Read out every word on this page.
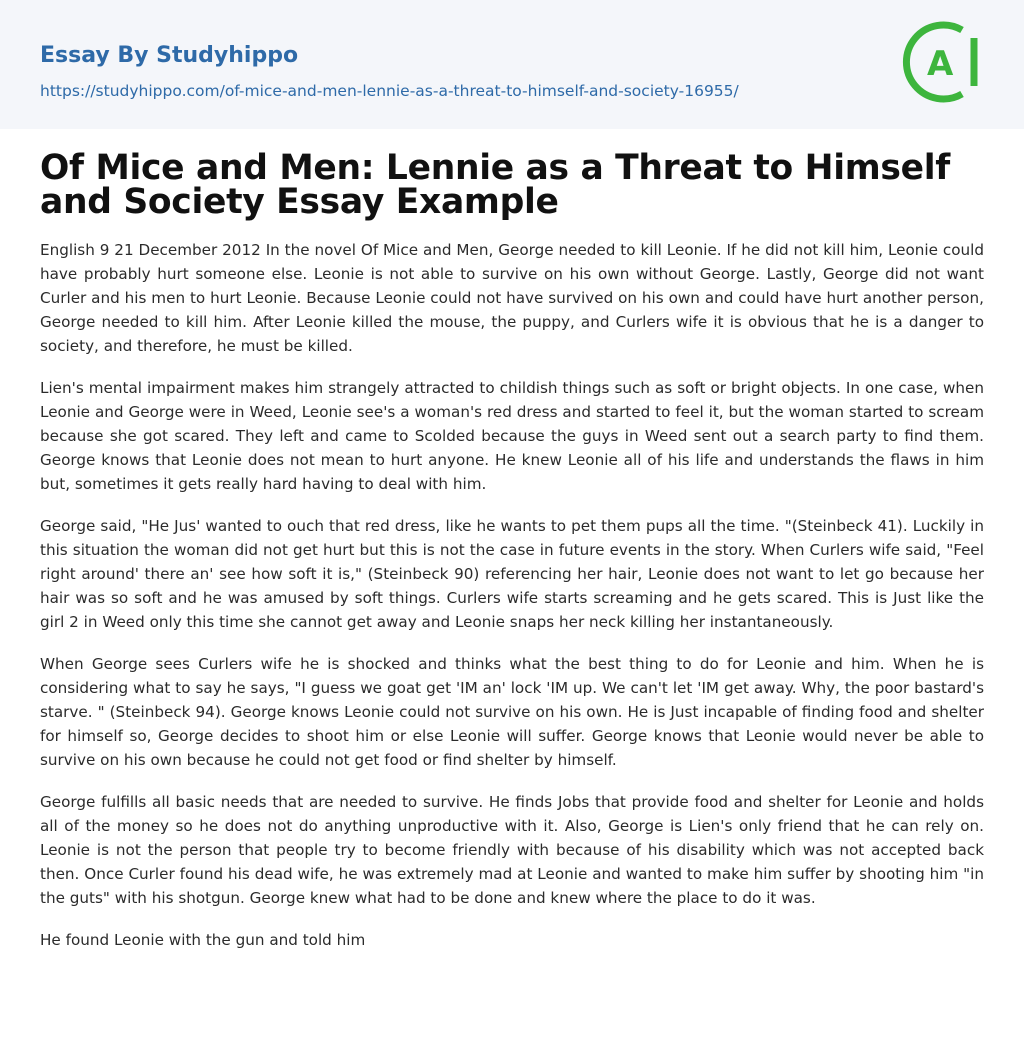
Essay By Studyhippo
https://studyhippo.com/of-mice-and-men-lennie-as-a-threat-to-himself-and-society-16955/
A
Of Mice and Men: Lennie as a Threat to Himself and Society Essay Example

English 9 21 December 2012 In the novel Of Mice and Men, George needed to kill Leonie. If he did not kill him, Leonie could have probably hurt someone else. Leonie is not able to survive on his own without George. Lastly, George did not want Curler and his men to hurt Leonie. Because Leonie could not have survived on his own and could have hurt another person, George needed to kill him. After Leonie killed the mouse, the puppy, and Curlers wife it is obvious that he is a danger to society, and therefore, he must be killed.

Lien's mental impairment makes him strangely attracted to childish things such as soft or bright objects. In one case, when Leonie and George were in Weed, Leonie see's a woman's red dress and started to feel it, but the woman started to scream because she got scared. They left and came to Scolded because the guys in Weed sent out a search party to find them. George knows that Leonie does not mean to hurt anyone. He knew Leonie all of his life and understands the flaws in him but, sometimes it gets really hard having to deal with him.

George said, "He Jus' wanted to ouch that red dress, like he wants to pet them pups all the time. "(Steinbeck 41). Luckily in this situation the woman did not get hurt but this is not the case in future events in the story. When Curlers wife said, "Feel right around' there an' see how soft it is," (Steinbeck 90) referencing her hair, Leonie does not want to let go because her hair was so soft and he was amused by soft things. Curlers wife starts screaming and he gets scared. This is Just like the girl 2 in Weed only this time she cannot get away and Leonie snaps her neck killing her instantaneously.

When George sees Curlers wife he is shocked and thinks what the best thing to do for Leonie and him. When he is considering what to say he says, "I guess we goat get 'IM an' lock 'IM up. We can't let 'IM get away. Why, the poor bastard's starve. " (Steinbeck 94). George knows Leonie could not survive on his own. He is Just incapable of finding food and shelter for himself so, George decides to shoot him or else Leonie will suffer. George knows that Leonie would never be able to survive on his own because he could not get food or find shelter by himself.

George fulfills all basic needs that are needed to survive. He finds Jobs that provide food and shelter for Leonie and holds all of the money so he does not do anything unproductive with it. Also, George is Lien's only friend that he can rely on. Leonie is not the person that people try to become friendly with because of his disability which was not accepted back then. Once Curler found his dead wife, he was extremely mad at Leonie and wanted to make him suffer by shooting him "in the guts" with his shotgun. George knew what had to be done and knew where the place to do it was.

He found Leonie with the gun and told him
